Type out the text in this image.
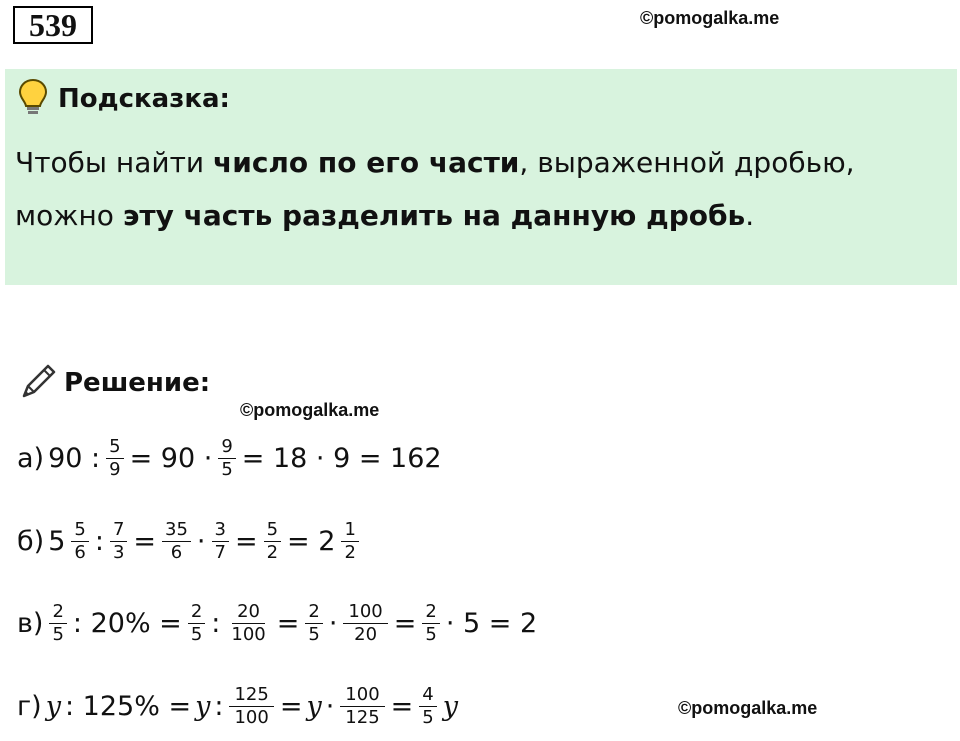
539	©pomogalka.me
Подсказка:
Чтобы найти число по его части, выраженной дробью,
можно эту часть разделить на данную дробь.
Решение:
©pomogalka.me
а) 90 : $\frac{5}{9} = 90 \cdot \frac{9}{5} = 18 \cdot 9 = 162$
б) $5 \frac{5}{6}$ : $\frac{7}{3} = \frac{35}{6} \cdot \frac{3}{7} = \frac{5}{2} = 2 \frac{1}{2}$
$в) \frac{2}{5}$ : $20\% = \frac{2}{5}$ : $\frac{20}{100} = \frac{2}{5} \cdot \frac{100}{20} = \frac{2}{5} \cdot 5 = 2$
г) y : 125% = y : $\frac{125}{100} = y \cdot \frac{100}{125} = \frac{4}{5}$ y	©pomogalka.me
